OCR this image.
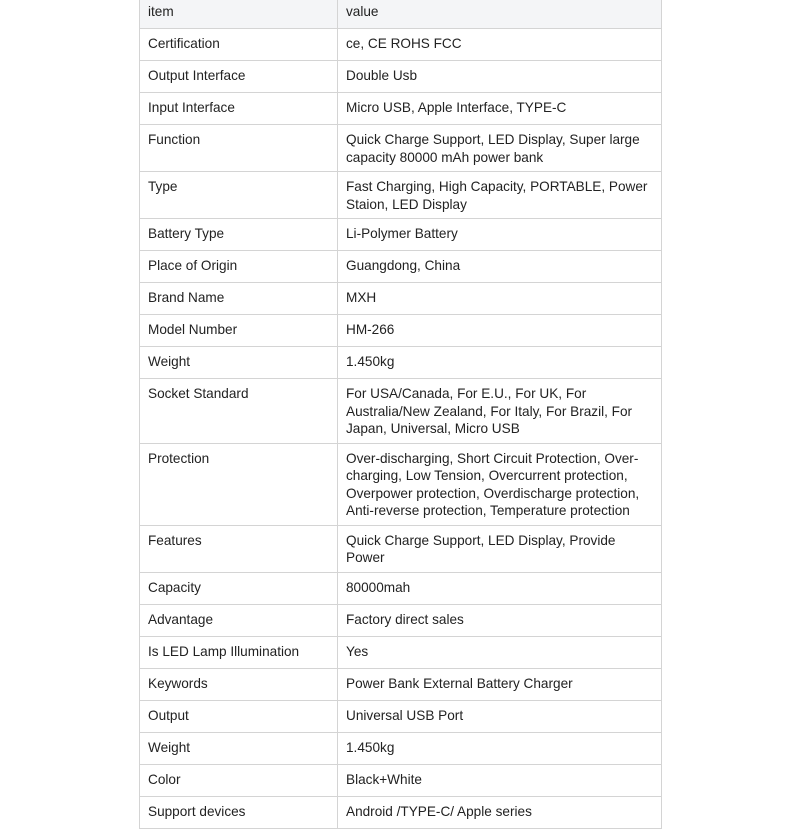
item	value
Certification	ce, CE ROHS FCC
Output Interface	Double Usb
Input Interface	Micro USB, Apple Interface, TYPE-C
Function	Quick Charge Support, LED Display, Super large capacity 80000 mAh power bank
Type	Fast Charging, High Capacity, PORTABLE, Power Staion, LED Display
Battery Type	Li-Polymer Battery
Place of Origin	Guangdong, China
Brand Name	MXH
Model Number	HM-266
Weight	1.450kg
Socket Standard	For USA/Canada, For E.U., For UK, For Australia/New Zealand, For Italy, For Brazil, For Japan, Universal, Micro USB
Protection	Over-discharging, Short Circuit Protection, Over-charging, Low Tension, Overcurrent protection, Overpower protection, Overdischarge protection, Anti-reverse protection, Temperature protection
Features	Quick Charge Support, LED Display, Provide Power
Capacity	80000mah
Advantage	Factory direct sales
Is LED Lamp Illumination	Yes
Keywords	Power Bank External Battery Charger
Output	Universal USB Port
Weight	1.450kg
Color	Black+White
Support devices	Android /TYPE-C/ Apple series
